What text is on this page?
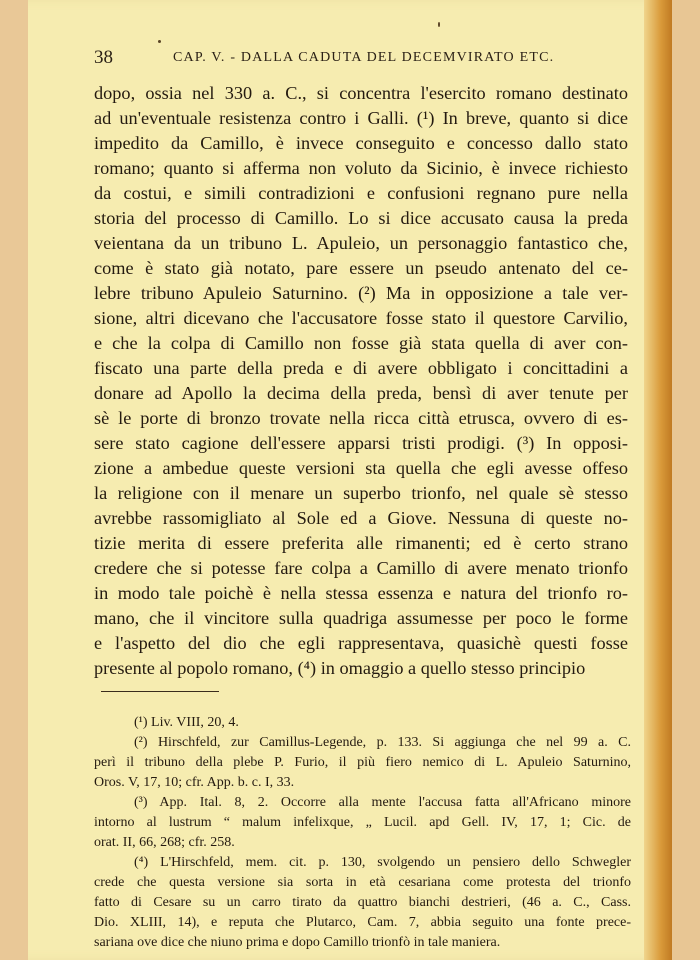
38	CAP. V. - DALLA CADUTA DEL DECEMVIRATO ETC.
dopo, ossia nel 330 a. C., si concentra l'esercito romano destinato
ad un'eventuale resistenza contro i Galli. (¹) In breve, quanto si dice
impedito da Camillo, è invece conseguito e concesso dallo stato
romano; quanto si afferma non voluto da Sicinio, è invece richiesto
da costui, e simili contradizioni e confusioni regnano pure nella
storia del processo di Camillo. Lo si dice accusato causa la preda
veientana da un tribuno L. Apuleio, un personaggio fantastico che,
come è stato già notato, pare essere un pseudo antenato del ce-
lebre tribuno Apuleio Saturnino. (²) Ma in opposizione a tale ver-
sione, altri dicevano che l'accusatore fosse stato il questore Carvilio,
e che la colpa di Camillo non fosse già stata quella di aver con-
fiscato una parte della preda e di avere obbligato i concittadini a
donare ad Apollo la decima della preda, bensì di aver tenute per
sè le porte di bronzo trovate nella ricca città etrusca, ovvero di es-
sere stato cagione dell'essere apparsi tristi prodigi. (³) In opposi-
zione a ambedue queste versioni sta quella che egli avesse offeso
la religione con il menare un superbo trionfo, nel quale sè stesso
avrebbe rassomigliato al Sole ed a Giove. Nessuna di queste no-
tizie merita di essere preferita alle rimanenti; ed è certo strano
credere che si potesse fare colpa a Camillo di avere menato trionfo
in modo tale poichè è nella stessa essenza e natura del trionfo ro-
mano, che il vincitore sulla quadriga assumesse per poco le forme
e l'aspetto del dio che egli rappresentava, quasichè questi fosse
presente al popolo romano, (⁴) in omaggio a quello stesso principio
(¹) Liv. VIII, 20, 4.
(²) Hirschfeld, zur Camillus-Legende, p. 133. Si aggiunga che nel 99 a. C.
perì il tribuno della plebe P. Furio, il più fiero nemico di L. Apuleio Saturnino,
Oros. V, 17, 10; cfr. App. b. c. I, 33.
(³) App. Ital. 8, 2. Occorre alla mente l'accusa fatta all'Africano minore
intorno al lustrum “ malum infelixque, „ Lucil. apd Gell. IV, 17, 1; Cic. de
orat. II, 66, 268; cfr. 258.
(⁴) L'Hirschfeld, mem. cit. p. 130, svolgendo un pensiero dello Schwegler
crede che questa versione sia sorta in età cesariana come protesta del trionfo
fatto di Cesare su un carro tirato da quattro bianchi destrieri, (46 a. C., Cass.
Dio. XLIII, 14), e reputa che Plutarco, Cam. 7, abbia seguito una fonte prece-
sariana ove dice che niuno prima e dopo Camillo trionfò in tale maniera.
